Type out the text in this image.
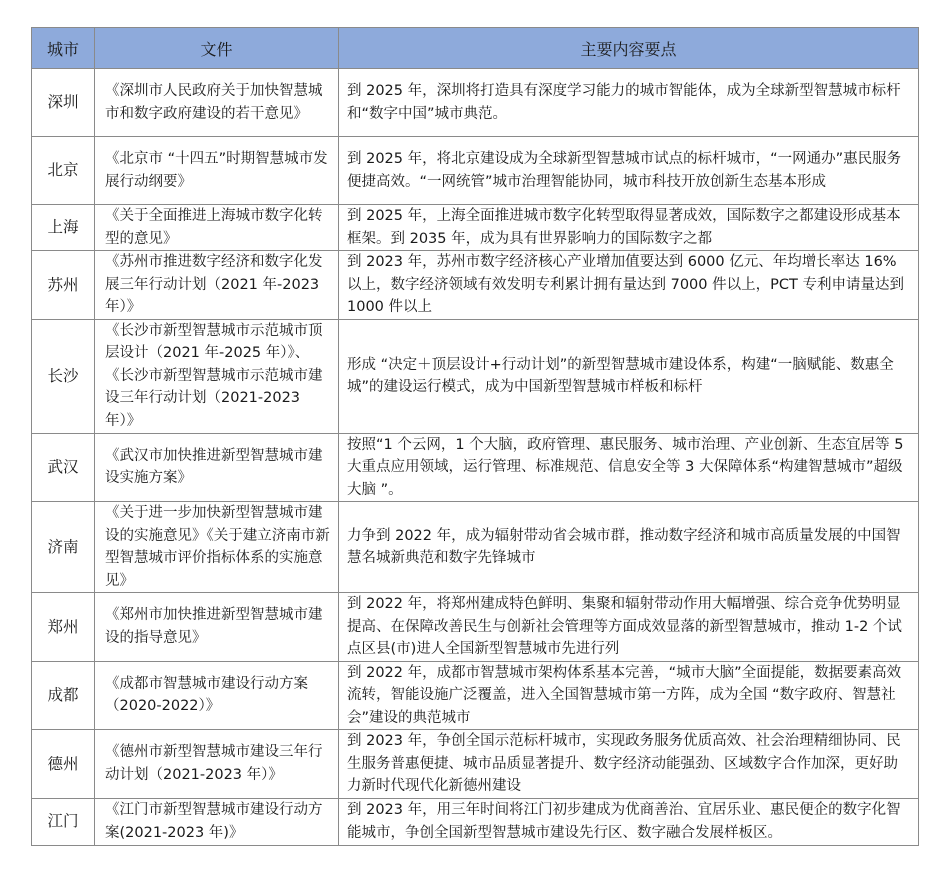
城市	文件	主要内容要点
深圳	《深圳市人民政府关于加快智慧城市和数字政府建设的若干意见》	到 2025 年，深圳将打造具有深度学习能力的城市智能体，成为全球新型智慧城市标杆和“数字中国”城市典范。
北京	《北京市 “十四五”时期智慧城市发展行动纲要》	到 2025 年，将北京建设成为全球新型智慧城市试点的标杆城市，“一网通办”惠民服务便捷高效。“一网统管”城市治理智能协同，城市科技开放创新生态基本形成
上海	《关于全面推进上海城市数字化转型的意见》	到 2025 年，上海全面推进城市数字化转型取得显著成效，国际数字之都建设形成基本框架。到 2035 年，成为具有世界影响力的国际数字之都
苏州	《苏州市推进数字经济和数字化发展三年行动计划（2021 年-2023 年）》	到 2023 年，苏州市数字经济核心产业增加值要达到 6000 亿元、年均增长率达 16%以上，数字经济领域有效发明专利累计拥有量达到 7000 件以上，PCT 专利申请量达到 1000 件以上
长沙	《长沙市新型智慧城市示范城市顶层设计（2021 年-2025 年）》、《长沙市新型智慧城市示范城市建设三年行动计划（2021-2023 年）》	形成 “决定＋顶层设计+行动计划”的新型智慧城市建设体系，构建“一脑赋能、数惠全城”的建设运行模式，成为中国新型智慧城市样板和标杆
武汉	《武汉市加快推进新型智慧城市建设实施方案》	按照“1 个云网，1 个大脑，政府管理、惠民服务、城市治理、产业创新、生态宜居等 5 大重点应用领域，运行管理、标准规范、信息安全等 3 大保障体系“构建智慧城市”超级大脑 ”。
济南	《关于进一步加快新型智慧城市建设的实施意见》《关于建立济南市新型智慧城市评价指标体系的实施意见》	力争到 2022 年，成为辐射带动省会城市群，推动数字经济和城市高质量发展的中国智慧名城新典范和数字先锋城市
郑州	《郑州市加快推进新型智慧城市建设的指导意见》	到 2022 年，将郑州建成特色鲜明、集聚和辐射带动作用大幅增强、综合竞争优势明显提高、在保障改善民生与创新社会管理等方面成效显落的新型智慧城市，推动 1-2 个试点区县(市)进人全国新型智慧城市先进行列
成都	《成都市智慧城市建设行动方案（2020-2022）》	到 2022 年，成都市智慧城市架构体系基本完善，“城市大脑”全面提能，数据要素高效流转，智能设施广泛覆盖，进入全国智慧城市第一方阵，成为全国 “数字政府、智慧社会”建设的典范城市
德州	《德州市新型智慧城市建设三年行动计划（2021-2023 年）》	到 2023 年，争创全国示范标杆城市，实现政务服务优质高效、社会治理精细协同、民生服务普惠便捷、城市品质显著提升、数字经济动能强劲、区域数字合作加深，更好助力新时代现代化新德州建设
江门	《江门市新型智慧城市建设行动方案(2021-2023 年)》	到 2023 年，用三年时间将江门初步建成为优商善治、宜居乐业、惠民便企的数字化智能城市，争创全国新型智慧城市建设先行区、数字融合发展样板区。
